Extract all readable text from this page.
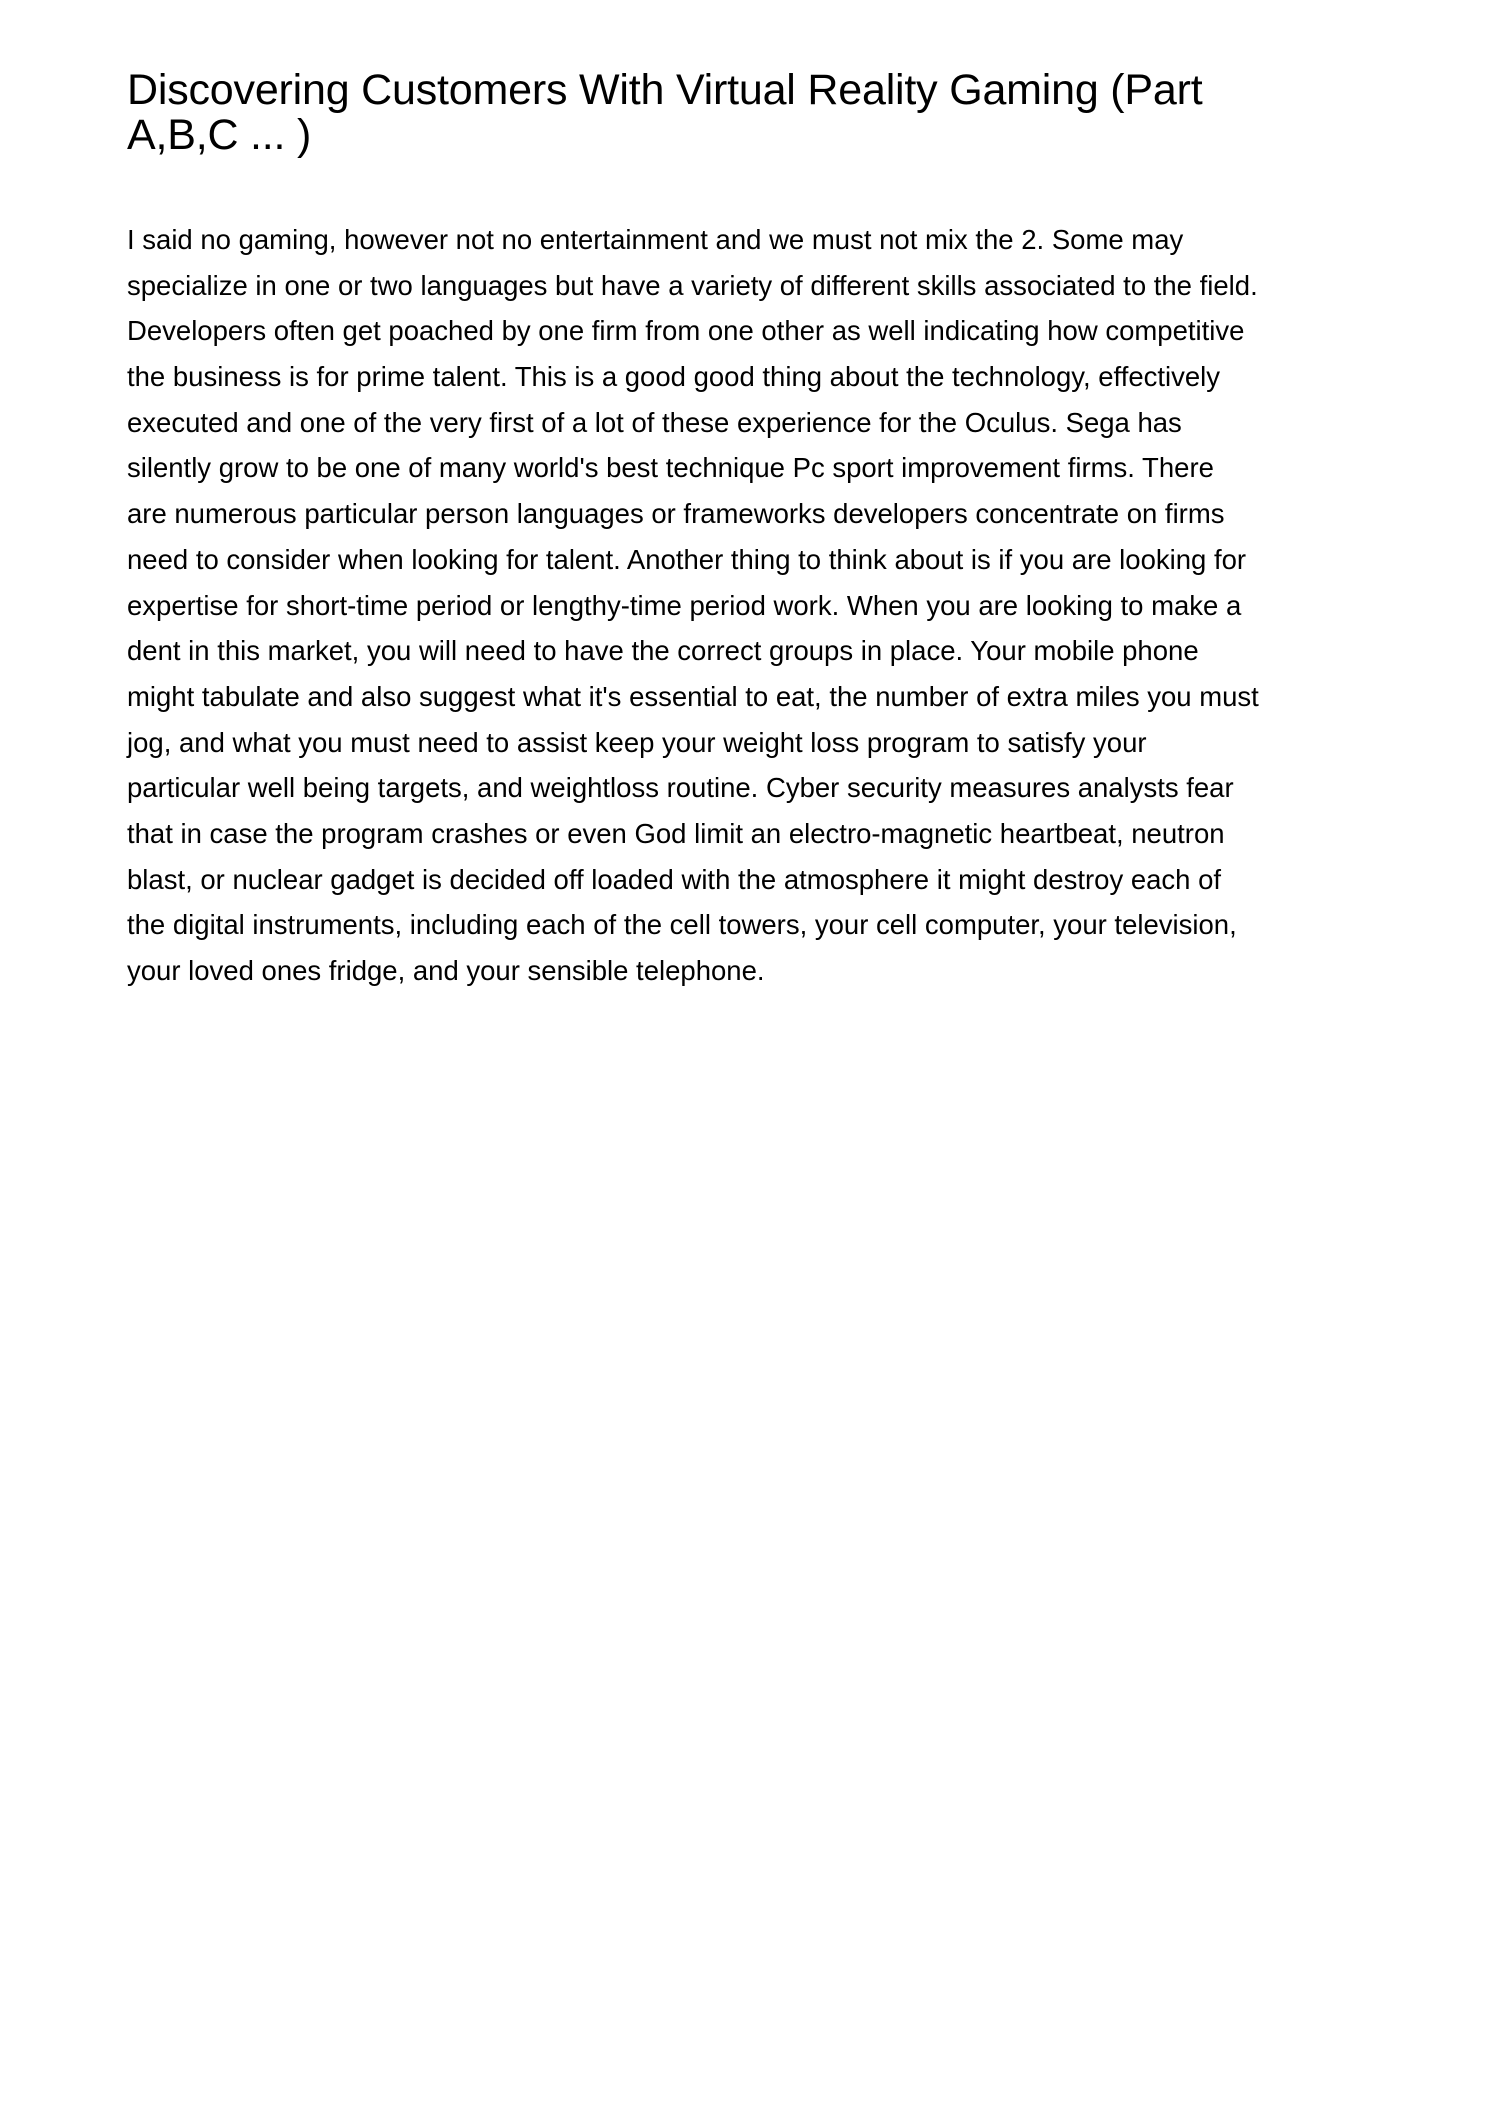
Discovering Customers With Virtual Reality Gaming (Part
A,B,C ... )

I said no gaming, however not no entertainment and we must not mix the 2. Some may
specialize in one or two languages but have a variety of different skills associated to the field.
Developers often get poached by one firm from one other as well indicating how competitive
the business is for prime talent. This is a good good thing about the technology, effectively
executed and one of the very first of a lot of these experience for the Oculus. Sega has
silently grow to be one of many world's best technique Pc sport improvement firms. There
are numerous particular person languages or frameworks developers concentrate on firms
need to consider when looking for talent. Another thing to think about is if you are looking for
expertise for short-time period or lengthy-time period work. When you are looking to make a
dent in this market, you will need to have the correct groups in place. Your mobile phone
might tabulate and also suggest what it's essential to eat, the number of extra miles you must
jog, and what you must need to assist keep your weight loss program to satisfy your
particular well being targets, and weightloss routine. Cyber security measures analysts fear
that in case the program crashes or even God limit an electro-magnetic heartbeat, neutron
blast, or nuclear gadget is decided off loaded with the atmosphere it might destroy each of
the digital instruments, including each of the cell towers, your cell computer, your television,
your loved ones fridge, and your sensible telephone.
